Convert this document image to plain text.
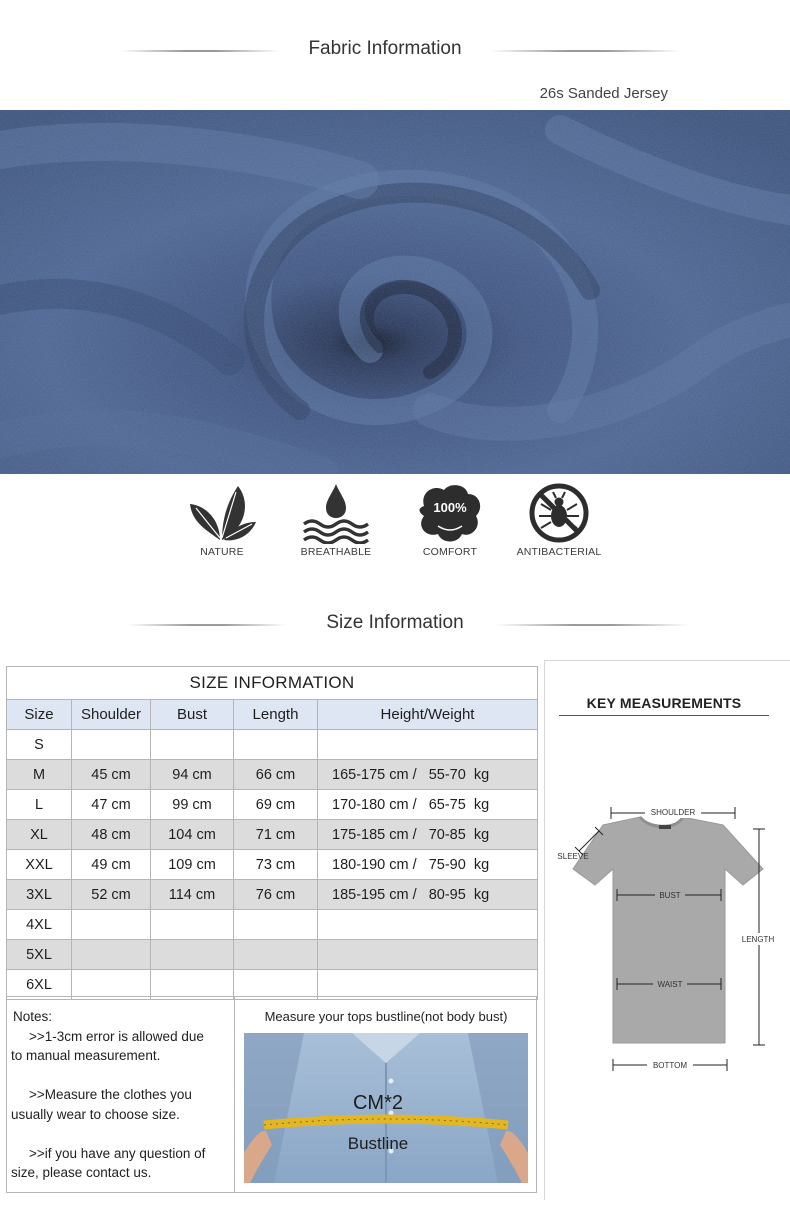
Fabric Information
26s Sanded Jersey
NATURE	BREATHABLE
100%
COMFORT	ANTIBACTERIAL
Size Information
SIZE INFORMATION				
Size	Shoulder	Bust	Length	Height/Weight
S				
M	45 cm	94 cm	66 cm	165-175 cm /   55-70  kg
L	47 cm	99 cm	69 cm	170-180 cm /   65-75  kg
XL	48 cm	104 cm	71 cm	175-185 cm /   70-85  kg
XXL	49 cm	109 cm	73 cm	180-190 cm /   75-90  kg
3XL	52 cm	114 cm	76 cm	185-195 cm /   80-95  kg
4XL				
5XL				
6XL				
Notes:

>>1-3cm error is allowed due
to manual measurement.

>>Measure the clothes you
usually wear to choose size.

>>if you have any question of
size, please contact us.

Measure your tops bustline(not body bust)
CM*2
Bustline
KEY MEASUREMENTS
SHOULDER
SLEEVE
BUST
WAIST
LENGTH
BOTTOM
